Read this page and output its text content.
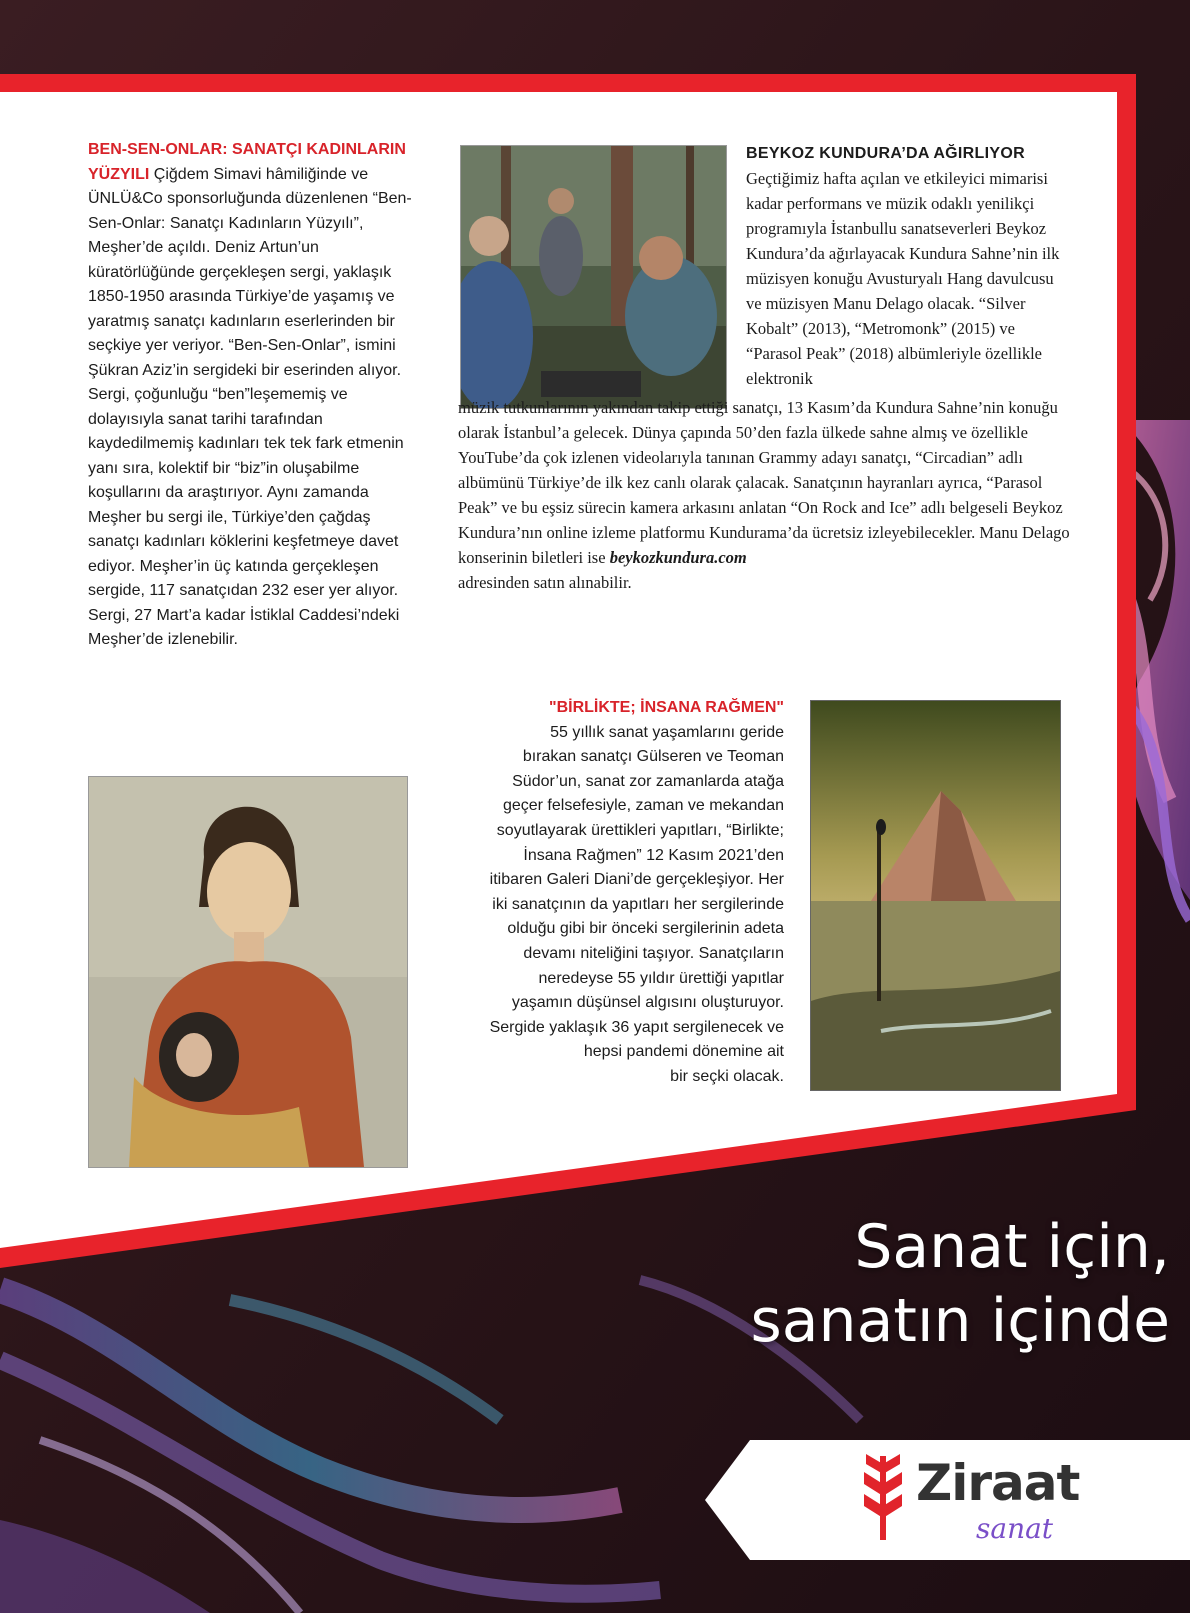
BEN-SEN-ONLAR: SANATÇI KADINLARIN YÜZYILI Çiğdem Simavi hâmiliğinde ve ÜNLÜ&Co sponsorluğunda düzenlenen “Ben-Sen-Onlar: Sanatçı Kadınların Yüzyılı”, Meşher’de açıldı. Deniz Artun’un küratörlüğünde gerçekleşen sergi, yaklaşık 1850-1950 arasında Türkiye’de yaşamış ve yaratmış sanatçı kadınların eserlerinden bir seçkiye yer veriyor. “Ben-Sen-Onlar”, ismini Şükran Aziz’in sergideki bir eserinden alıyor. Sergi, çoğunluğu “ben”leşememiş ve dolayısıyla sanat tarihi tarafından kaydedilmemiş kadınları tek tek fark etmenin yanı sıra, kolektif bir “biz”in oluşabilme koşullarını da araştırıyor. Aynı zamanda Meşher bu sergi ile, Türkiye’den çağdaş sanatçı kadınları köklerini keşfetmeye davet ediyor. Meşher’in üç katında gerçekleşen sergide, 117 sanatçıdan 232 eser yer alıyor. Sergi, 27 Mart’a kadar İstiklal Caddesi’ndeki Meşher’de izlenebilir.
BEYKOZ KUNDURA’DA AĞIRLIYOR
Geçtiğimiz hafta açılan ve etkileyici mimarisi kadar performans ve müzik odaklı yenilikçi programıyla İstanbullu sanatseverleri Beykoz Kundura’da ağırlayacak Kundura Sahne’nin ilk müzisyen konuğu Avusturyalı Hang davulcusu ve müzisyen Manu Delago olacak. “Silver Kobalt” (2013), “Metromonk” (2015) ve “Parasol Peak” (2018) albümleriyle özellikle elektronik
müzik tutkunlarının yakından takip ettiği sanatçı, 13 Kasım’da Kundura Sahne’nin konuğu olarak İstanbul’a gelecek. Dünya çapında 50’den fazla ülkede sahne almış ve özellikle YouTube’da çok izlenen videolarıyla tanınan Grammy adayı sanatçı, “Circadian” adlı albümünü Türkiye’de ilk kez canlı olarak çalacak. Sanatçının hayranları ayrıca, “Parasol Peak” ve bu eşsiz sürecin kamera arkasını anlatan “On Rock and Ice” adlı belgeseli Beykoz Kundura’nın online izleme platformu Kundurama’da ücretsiz izleyebilecekler. Manu Delago konserinin biletleri ise beykozkundura.com
adresinden satın alınabilir.
"BİRLİKTE; İNSANA RAĞMEN"
55 yıllık sanat yaşamlarını geride
bırakan sanatçı Gülseren ve Teoman
Südor’un, sanat zor zamanlarda atağa
geçer felsefesiyle, zaman ve mekandan
soyutlayarak ürettikleri yapıtları, “Birlikte;
İnsana Rağmen” 12 Kasım 2021’den
itibaren Galeri Diani’de gerçekleşiyor. Her
iki sanatçının da yapıtları her sergilerinde
olduğu gibi bir önceki sergilerinin adeta
devamı niteliğini taşıyor. Sanatçıların
neredeyse 55 yıldır ürettiği yapıtlar
yaşamın düşünsel algısını oluşturuyor.
Sergide yaklaşık 36 yapıt sergilenecek ve
hepsi pandemi dönemine ait
bir seçki olacak.
Sanat için,
sanatın içinde
Ziraat
sanat
